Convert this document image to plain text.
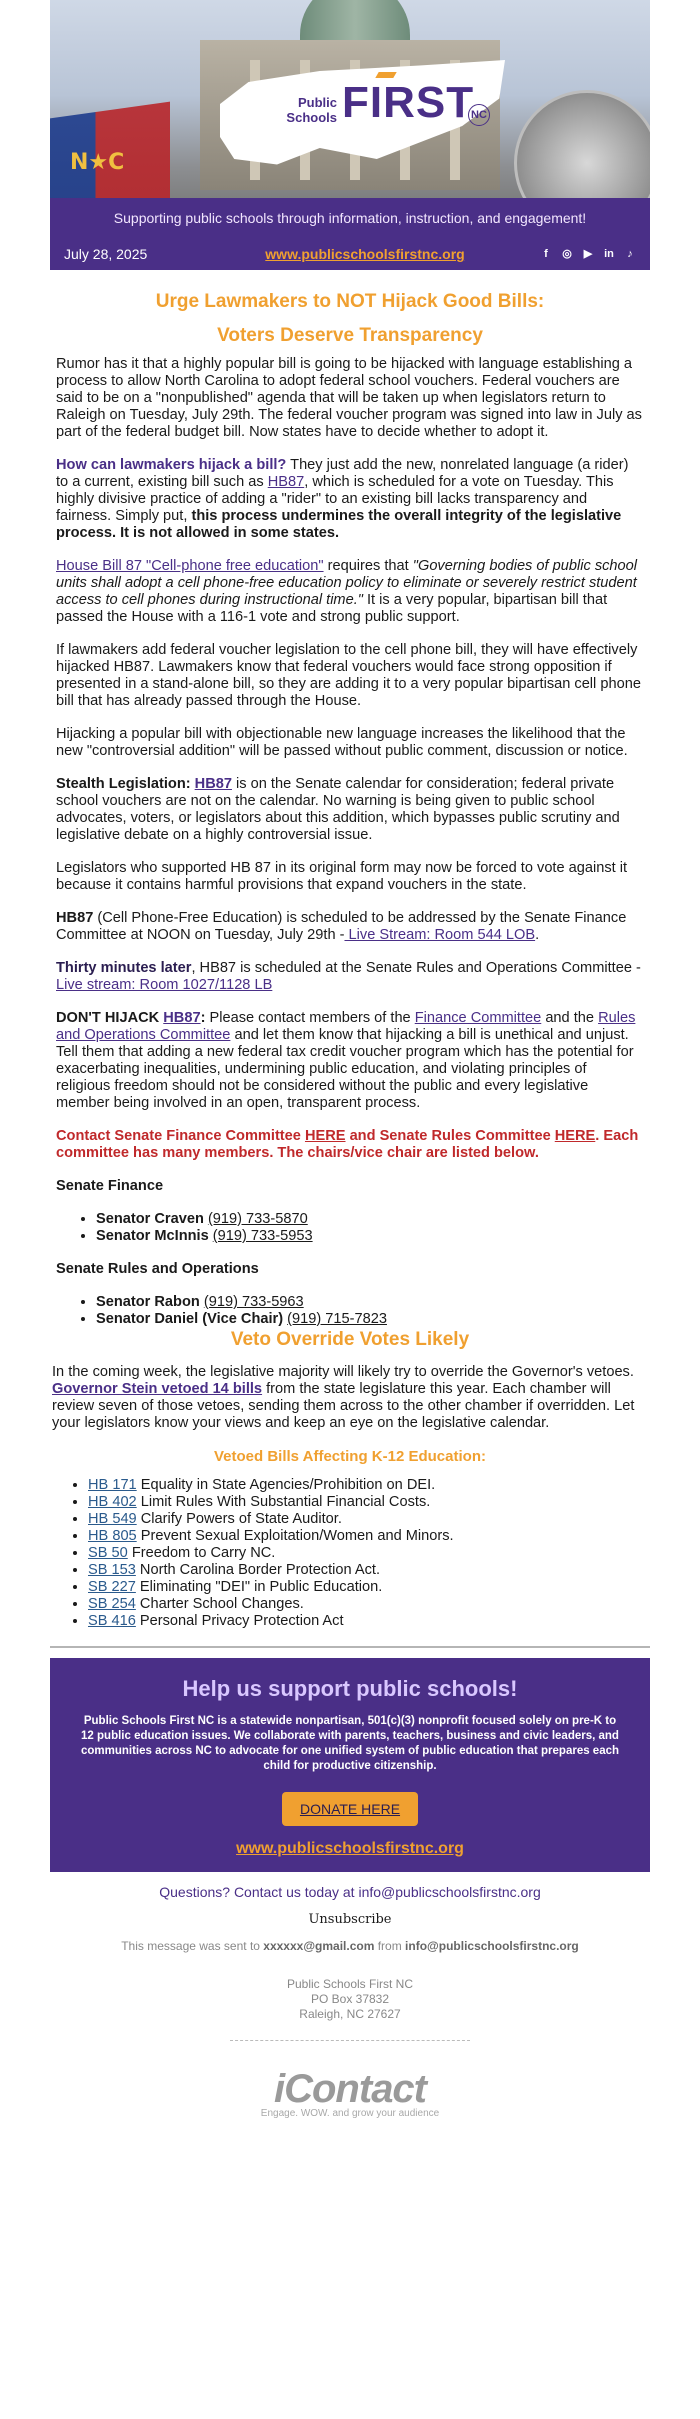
N★C
Public Schools FIRST
NC
Supporting public schools through information, instruction, and engagement!
July 28, 2025	www.publicschoolsfirstnc.org	f	◎ ▶ in ♪
Urge Lawmakers to NOT Hijack Good Bills:
Voters Deserve Transparency

Rumor has it that a highly popular bill is going to be hijacked with language establishing a process to allow North Carolina to adopt federal school vouchers. Federal vouchers are said to be on a "nonpublished" agenda that will be taken up when legislators return to Raleigh on Tuesday, July 29th. The federal voucher program was signed into law in July as part of the federal budget bill. Now states have to decide whether to adopt it.

How can lawmakers hijack a bill? They just add the new, nonrelated language (a rider) to a current, existing bill such as HB87, which is scheduled for a vote on Tuesday. This highly divisive practice of adding a "rider" to an existing bill lacks transparency and fairness. Simply put, this process undermines the overall integrity of the legislative process. It is not allowed in some states.

House Bill 87 "Cell-phone free education" requires that "Governing bodies of public school units shall adopt a cell phone-free education policy to eliminate or severely restrict student access to cell phones during instructional time." It is a very popular, bipartisan bill that passed the House with a 116-1 vote and strong public support.

If lawmakers add federal voucher legislation to the cell phone bill, they will have effectively hijacked HB87. Lawmakers know that federal vouchers would face strong opposition if presented in a stand-alone bill, so they are adding it to a very popular bipartisan cell phone bill that has already passed through the House.

Hijacking a popular bill with objectionable new language increases the likelihood that the new "controversial addition" will be passed without public comment, discussion or notice.

Stealth Legislation: HB87 is on the Senate calendar for consideration; federal private school vouchers are not on the calendar. No warning is being given to public school advocates, voters, or legislators about this addition, which bypasses public scrutiny and legislative debate on a highly controversial issue.

Legislators who supported HB 87 in its original form may now be forced to vote against it because it contains harmful provisions that expand vouchers in the state.

HB87 (Cell Phone-Free Education) is scheduled to be addressed by the Senate Finance Committee at NOON on Tuesday, July 29th - Live Stream: Room 544 LOB.

Thirty minutes later, HB87 is scheduled at the Senate Rules and Operations Committee - Live stream: Room 1027/1128 LB

DON'T HIJACK HB87: Please contact members of the Finance Committee and the Rules and Operations Committee and let them know that hijacking a bill is unethical and unjust. Tell them that adding a new federal tax credit voucher program which has the potential for exacerbating inequalities, undermining public education, and violating principles of religious freedom should not be considered without the public and every legislative member being involved in an open, transparent process.

Contact Senate Finance Committee HERE and Senate Rules Committee HERE. Each committee has many members. The chairs/vice chair are listed below.

Senate Finance
• Senator Craven (919) 733-5870
• Senator McInnis (919) 733-5953
Senate Rules and Operations
• Senator Rabon (919) 733-5963
• Senator Daniel (Vice Chair) (919) 715-7823
Veto Override Votes Likely

In the coming week, the legislative majority will likely try to override the Governor's vetoes. Governor Stein vetoed 14 bills from the state legislature this year. Each chamber will review seven of those vetoes, sending them across to the other chamber if overridden. Let your legislators know your views and keep an eye on the legislative calendar.

Vetoed Bills Affecting K-12 Education:
• HB 171 Equality in State Agencies/Prohibition on DEI.
• HB 402 Limit Rules With Substantial Financial Costs.
• HB 549 Clarify Powers of State Auditor.
• HB 805 Prevent Sexual Exploitation/Women and Minors.
• SB 50 Freedom to Carry NC.
• SB 153 North Carolina Border Protection Act.
• SB 227 Eliminating "DEI" in Public Education.
• SB 254 Charter School Changes.
• SB 416 Personal Privacy Protection Act
Help us support public schools!

Public Schools First NC is a statewide nonpartisan, 501(c)(3) nonprofit focused solely on pre-K to 12 public education issues. We collaborate with parents, teachers, business and civic leaders, and communities across NC to advocate for one unified system of public education that prepares each child for productive citizenship.

DONATE HERE
www.publicschoolsfirstnc.org
Questions? Contact us today at info@publicschoolsfirstnc.org
Unsubscribe
This message was sent to xxxxxx@gmail.com from info@publicschoolsfirstnc.org
Public Schools First NC
PO Box 37832
Raleigh, NC 27627
iContact
Engage. WOW. and grow your audience
